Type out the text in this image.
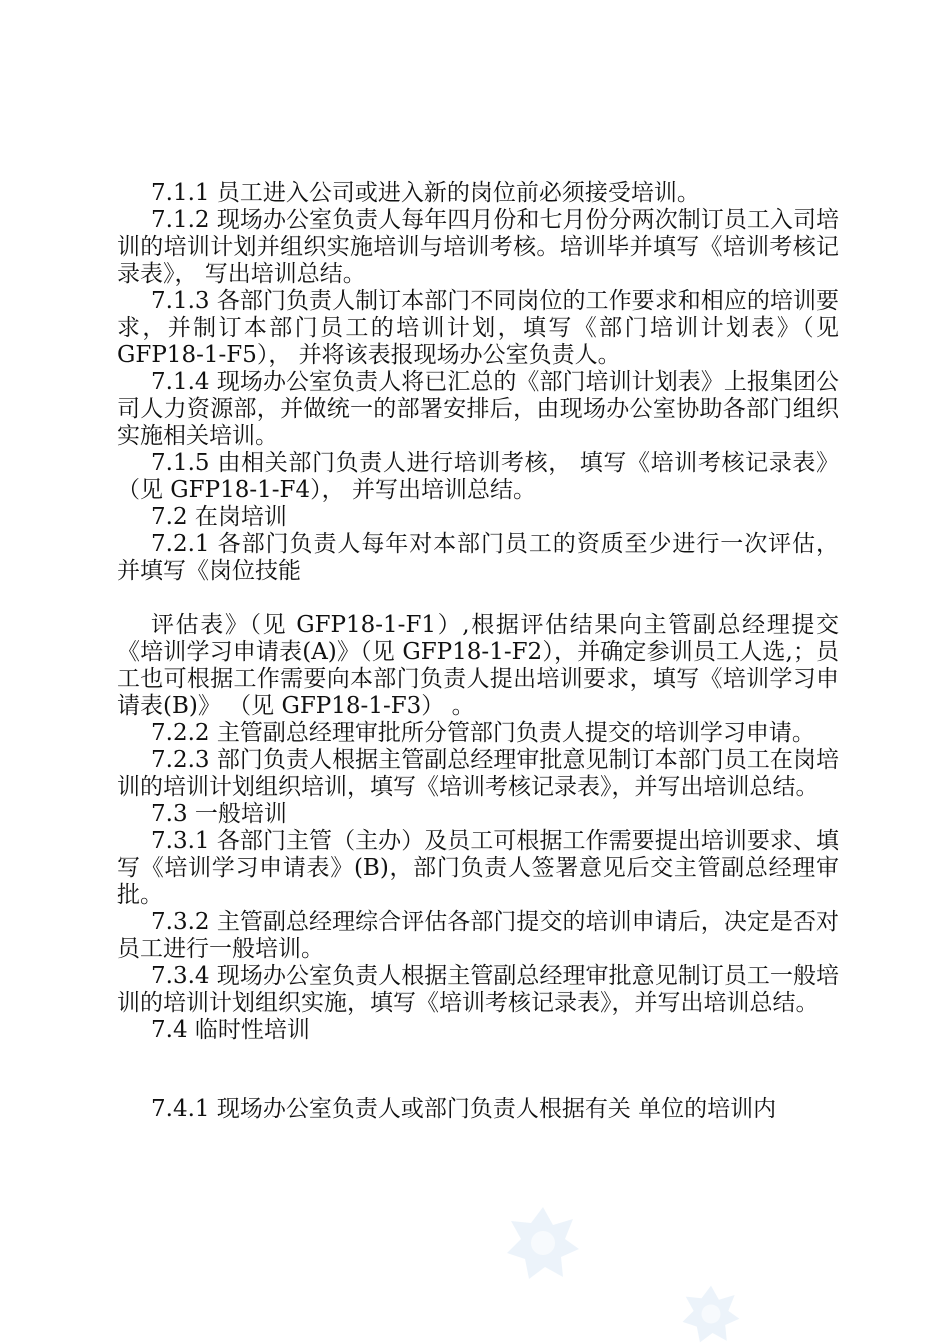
7.1.1 员工进入公司或进入新的岗位前必须接受培训。

7.1.2 现场办公室负责人每年四月份和七月份分两次制订员工入司培训的培训计划并组织实施培训与培训考核。培训毕并填写《培训考核记录表》， 写出培训总结。

7.1.3 各部门负责人制订本部门不同岗位的工作要求和相应的培训要求，并制订本部门员工的培训计划，填写《部门培训计划表》（见 GFP18-1-F5）， 并将该表报现场办公室负责人。

7.1.4 现场办公室负责人将已汇总的《部门培训计划表》上报集团公司人力资源部，并做统一的部署安排后，由现场办公室协助各部门组织实施相关培训。

7.1.5 由相关部门负责人进行培训考核， 填写《培训考核记录表》（见 GFP18-1-F4）， 并写出培训总结。

7.2 在岗培训

7.2.1 各部门负责人每年对本部门员工的资质至少进行一次评估， 并填写《岗位技能

评估表》（见 GFP18-1-F1）,根据评估结果向主管副总经理提交《培训学习申请表(A)》（见 GFP18-1-F2），并确定参训员工人选,；员工也可根据工作需要向本部门负责人提出培训要求，填写《培训学习申请表(B)》 （见 GFP18-1-F3） 。

7.2.2 主管副总经理审批所分管部门负责人提交的培训学习申请。

7.2.3 部门负责人根据主管副总经理审批意见制订本部门员工在岗培训的培训计划组织培训，填写《培训考核记录表》，并写出培训总结。

7.3 一般培训

7.3.1 各部门主管（主办）及员工可根据工作需要提出培训要求、填写《培训学习申请表》(B)，部门负责人签署意见后交主管副总经理审批。

7.3.2 主管副总经理综合评估各部门提交的培训申请后，决定是否对员工进行一般培训。

7.3.4 现场办公室负责人根据主管副总经理审批意见制订员工一般培训的培训计划组织实施，填写《培训考核记录表》，并写出培训总结。

7.4 临时性培训

7.4.1 现场办公室负责人或部门负责人根据有关 单位的培训内
